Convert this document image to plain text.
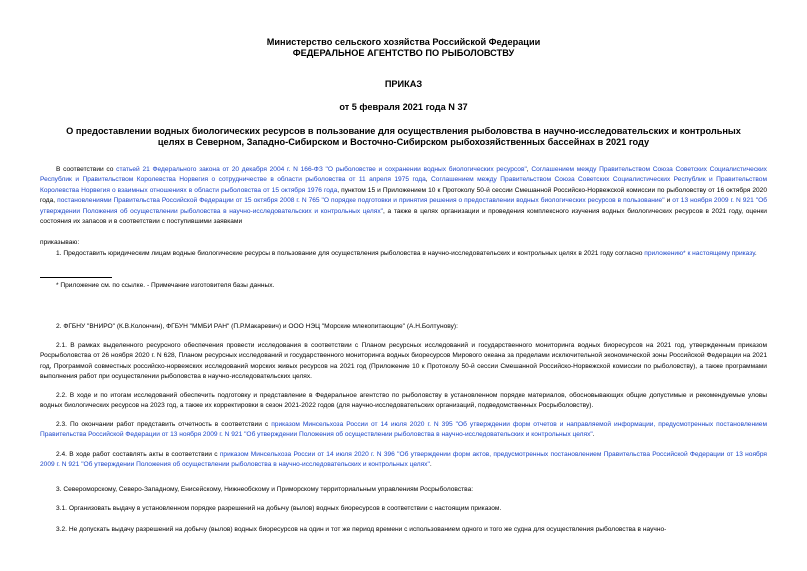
Министерство сельского хозяйства Российской Федерации
ФЕДЕРАЛЬНОЕ АГЕНТСТВО ПО РЫБОЛОВСТВУ
ПРИКАЗ
от 5 февраля 2021 года N 37
О предоставлении водных биологических ресурсов в пользование для осуществления рыболовства в научно-исследовательских и контрольных целях в Северном, Западно-Сибирском и Восточно-Сибирском рыбохозяйственных бассейнах в 2021 году

В соответствии со статьей 21 Федерального закона от 20 декабря 2004 г. N 166-ФЗ "О рыболовстве и сохранении водных биологических ресурсов", Соглашением между Правительством Союза Советских Социалистических Республик и Правительством Королевства Норвегия о сотрудничестве в области рыболовства от 11 апреля 1975 года, Соглашением между Правительством Союза Советских Социалистических Республик и Правительством Королевства Норвегия о взаимных отношениях в области рыболовства от 15 октября 1976 года, пунктом 15 и Приложением 10 к Протоколу 50-й сессии Смешанной Российско-Норвежской комиссии по рыболовству от 16 октября 2020 года, постановлениями Правительства Российской Федерации от 15 октября 2008 г. N 765 "О порядке подготовки и принятия решения о предоставлении водных биологических ресурсов в пользование" и от 13 ноября 2009 г. N 921 "Об утверждении Положения об осуществлении рыболовства в научно-исследовательских и контрольных целях", а также в целях организации и проведения комплексного изучения водных биологических ресурсов в 2021 году, оценки состояния их запасов и в соответствии с поступившими заявками

приказываю:

1. Предоставить юридическим лицам водные биологические ресурсы в пользование для осуществления рыболовства в научно-исследовательских и контрольных целях в 2021 году согласно приложению* к настоящему приказу.

* Приложение см. по ссылке. - Примечание изготовителя базы данных.

2. ФГБНУ "ВНИРО" (К.В.Колончин), ФГБУН "ММБИ РАН" (П.Р.Макаревич) и ООО НЭЦ "Морские млекопитающие" (А.Н.Болтунову):

2.1. В рамках выделенного ресурсного обеспечения провести исследования в соответствии с Планом ресурсных исследований и государственного мониторинга водных биоресурсов на 2021 год, утвержденным приказом Росрыболовства от 26 ноября 2020 г. N 628, Планом ресурсных исследований и государственного мониторинга водных биоресурсов Мирового океана за пределами исключительной экономической зоны Российской Федерации на 2021 год, Программой совместных российско-норвежских исследований морских живых ресурсов на 2021 год (Приложение 10 к Протоколу 50-й сессии Смешанной Российско-Норвежской комиссии по рыболовству), а также программами выполнения работ при осуществлении рыболовства в научно-исследовательских целях.

2.2. В ходе и по итогам исследований обеспечить подготовку и представление в Федеральное агентство по рыболовству в установленном порядке материалов, обосновывающих общие допустимые и рекомендуемые уловы водных биологических ресурсов на 2023 год, а также их корректировки в сезон 2021-2022 годов (для научно-исследовательских организаций, подведомственных Росрыболовству).

2.3. По окончании работ представить отчетность в соответствии с приказом Минсельхоза России от 14 июля 2020 г. N 395 "Об утверждении форм отчетов и направляемой информации, предусмотренных постановлением Правительства Российской Федерации от 13 ноября 2009 г. N 921 "Об утверждении Положения об осуществлении рыболовства в научно-исследовательских и контрольных целях".

2.4. В ходе работ составлять акты в соответствии с приказом Минсельхоза России от 14 июля 2020 г. N 396 "Об утверждении форм актов, предусмотренных постановлением Правительства Российской Федерации от 13 ноября 2009 г. N 921 "Об утверждении Положения об осуществлении рыболовства в научно-исследовательских и контрольных целях".

3. Североморскому, Северо-Западному, Енисейскому, Нижнеобскому и Приморскому территориальным управлениям Росрыболовства:

3.1. Организовать выдачу в установленном порядке разрешений на добычу (вылов) водных биоресурсов в соответствии с настоящим приказом.

3.2. Не допускать выдачу разрешений на добычу (вылов) водных биоресурсов на один и тот же период времени с использованием одного и того же судна для осуществления рыболовства в научно-
